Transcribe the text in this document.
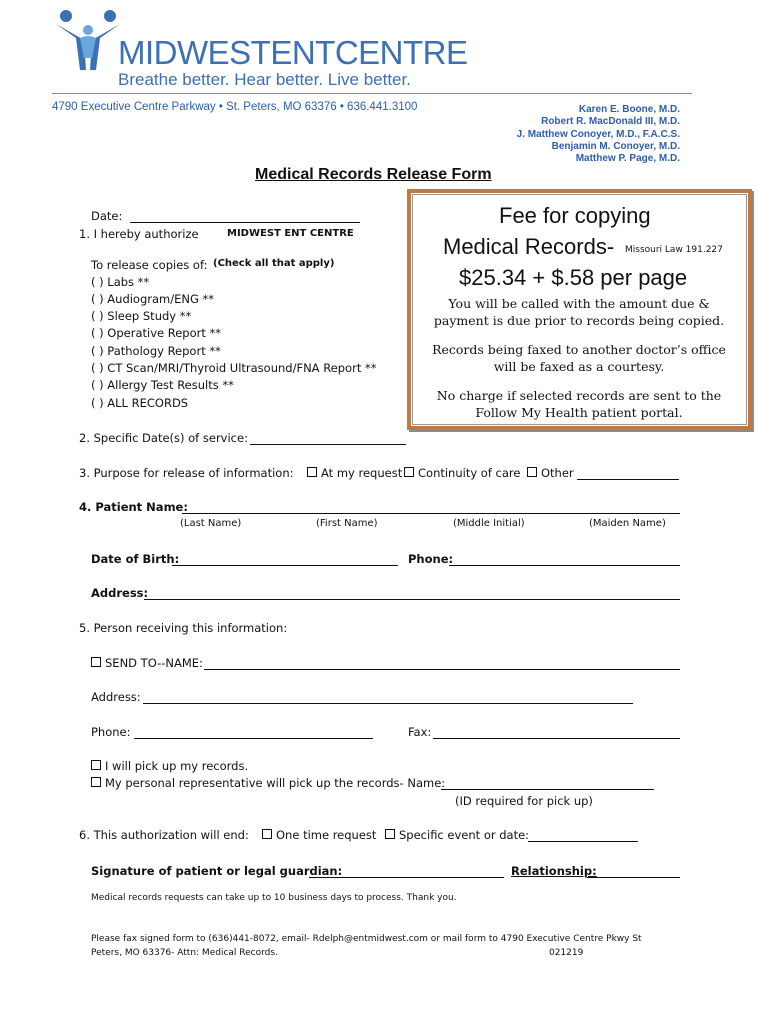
MIDWESTENTCENTRE
Breathe better. Hear better. Live better.
4790 Executive Centre Parkway • St. Peters, MO 63376 • 636.441.3100	Karen E. Boone, M.D.
Robert R. MacDonald III, M.D.
J. Matthew Conoyer, M.D., F.A.C.S.
Benjamin M. Conoyer, M.D.
Matthew P. Page, M.D.
Medical Records Release Form
Fee for copying
Medical Records- Missouri Law 191.227
$25.34 + $.58 per page
You will be called with the amount due & payment is due prior to records being copied.
Records being faxed to another doctor’s office will be faxed as a courtesy.
No charge if selected records are sent to the Follow My Health patient portal.
Date:
1. I hereby authorize	MIDWEST ENT CENTRE
To release copies of: (Check all that apply)
( ) Labs **
( ) Audiogram/ENG **
( ) Sleep Study **
( ) Operative Report **
( ) Pathology Report **
( ) CT Scan/MRI/Thyroid Ultrasound/FNA Report **
( ) Allergy Test Results **
( ) ALL RECORDS
2. Specific Date(s) of service:
3. Purpose for release of information:	At my request	Continuity of care	Other
4. Patient Name:
(Last Name)	(First Name)	(Middle Initial)	(Maiden Name)
Date of Birth:	Phone:
Address:
5. Person receiving this information:
SEND TO--NAME:
Address:
Phone:	Fax:
I will pick up my records.
My personal representative will pick up the records- Name:
(ID required for pick up)
6. This authorization will end:	One time request	Specific event or date:
Signature of patient or legal guardian:	Relationship:
Medical records requests can take up to 10 business days to process. Thank you.
Please fax signed form to (636)441-8072, email- Rdelph@entmidwest.com or mail form to 4790 Executive Centre Pkwy St
Peters, MO 63376- Attn: Medical Records.	021219
